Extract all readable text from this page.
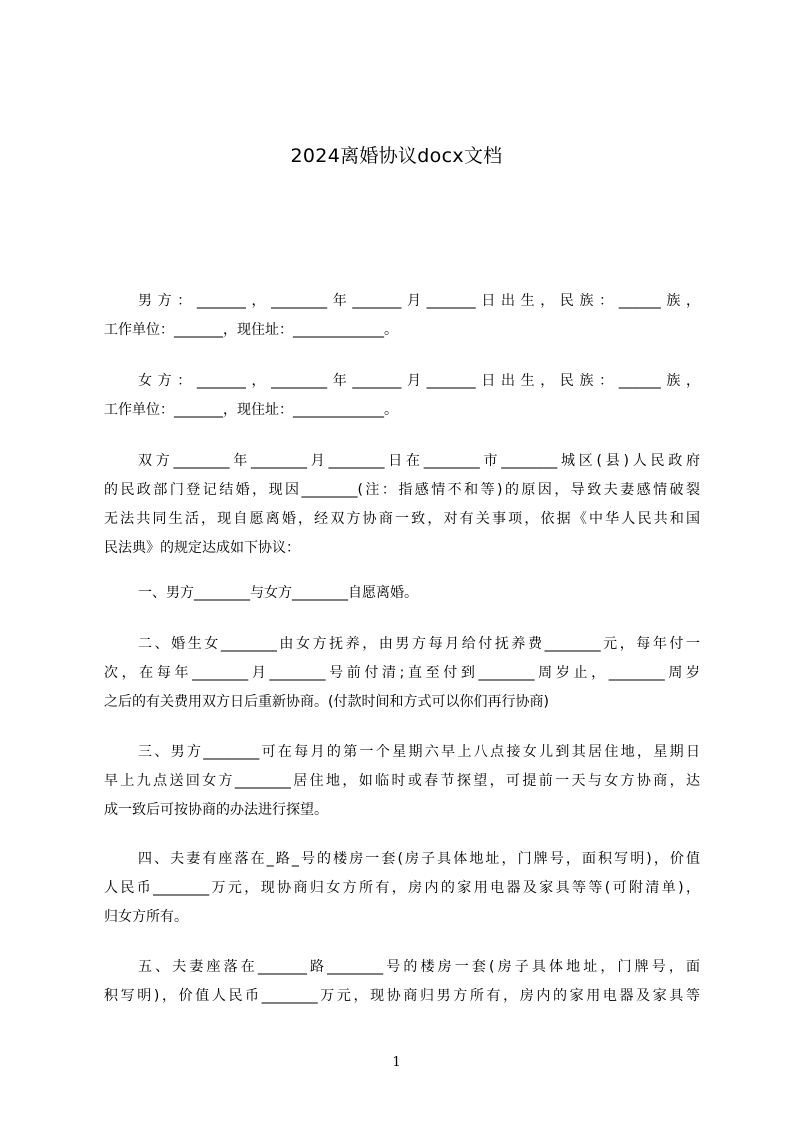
2024离婚协议docx文档
男方：_______，________年_______月_______日出生，民族：______族，
工作单位：_______，现住址：_____________。
女方：_______，________年_______月_______日出生，民族：______族，
工作单位：_______，现住址：_____________。
双方________年________月________日在________市________城区(县)人民政府
的民政部门登记结婚，现因________(注：指感情不和等)的原因，导致夫妻感情破裂
无法共同生活，现自愿离婚，经双方协商一致，对有关事项，依据《中华人民共和国
民法典》的规定达成如下协议：
一、男方________与女方________自愿离婚。
二、婚生女________由女方抚养，由男方每月给付抚养费________元，每年付一
次，在每年________月________号前付清;直至付到________周岁止，________周岁
之后的有关费用双方日后重新协商。(付款时间和方式可以你们再行协商)
三、男方________可在每月的第一个星期六早上八点接女儿到其居住地，星期日
早上九点送回女方________居住地，如临时或春节探望，可提前一天与女方协商，达
成一致后可按协商的办法进行探望。
四、夫妻有座落在_路_号的楼房一套(房子具体地址，门牌号，面积写明)，价值
人民币________万元，现协商归女方所有，房内的家用电器及家具等等(可附清单)，
归女方所有。
五、夫妻座落在_______路________号的楼房一套(房子具体地址，门牌号，面
积写明)，价值人民币________万元，现协商归男方所有，房内的家用电器及家具等
1
